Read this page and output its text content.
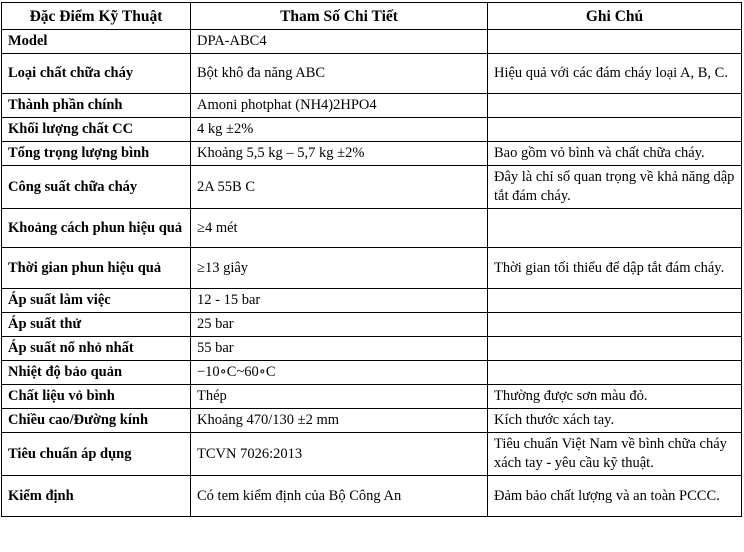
Đặc Điểm Kỹ Thuật	Tham Số Chi Tiết	Ghi Chú
Model	DPA-ABC4	
Loại chất chữa cháy	Bột khô đa năng ABC	Hiệu quả với các đám cháy loại A, B, C.
Thành phần chính	Amoni photphat (NH4)2HPO4	
Khối lượng chất CC	4 kg ±2%	
Tổng trọng lượng bình	Khoảng 5,5 kg – 5,7 kg ±2%	Bao gồm vỏ bình và chất chữa cháy.
Công suất chữa cháy	2A 55B C	Đây là chỉ số quan trọng về khả năng dập tắt đám cháy.
Khoảng cách phun hiệu quả	≥4 mét	
Thời gian phun hiệu quả	≥13 giây	Thời gian tối thiểu để dập tắt đám cháy.
Áp suất làm việc	12 - 15 bar	
Áp suất thử	25 bar	
Áp suất nổ nhỏ nhất	55 bar	
Nhiệt độ bảo quản	−10∘C~60∘C	
Chất liệu vỏ bình	Thép	Thường được sơn màu đỏ.
Chiều cao/Đường kính	Khoảng 470/130 ±2 mm	Kích thước xách tay.
Tiêu chuẩn áp dụng	TCVN 7026:2013	Tiêu chuẩn Việt Nam về bình chữa cháy xách tay - yêu cầu kỹ thuật.
Kiểm định	Có tem kiểm định của Bộ Công An	Đảm bảo chất lượng và an toàn PCCC.
